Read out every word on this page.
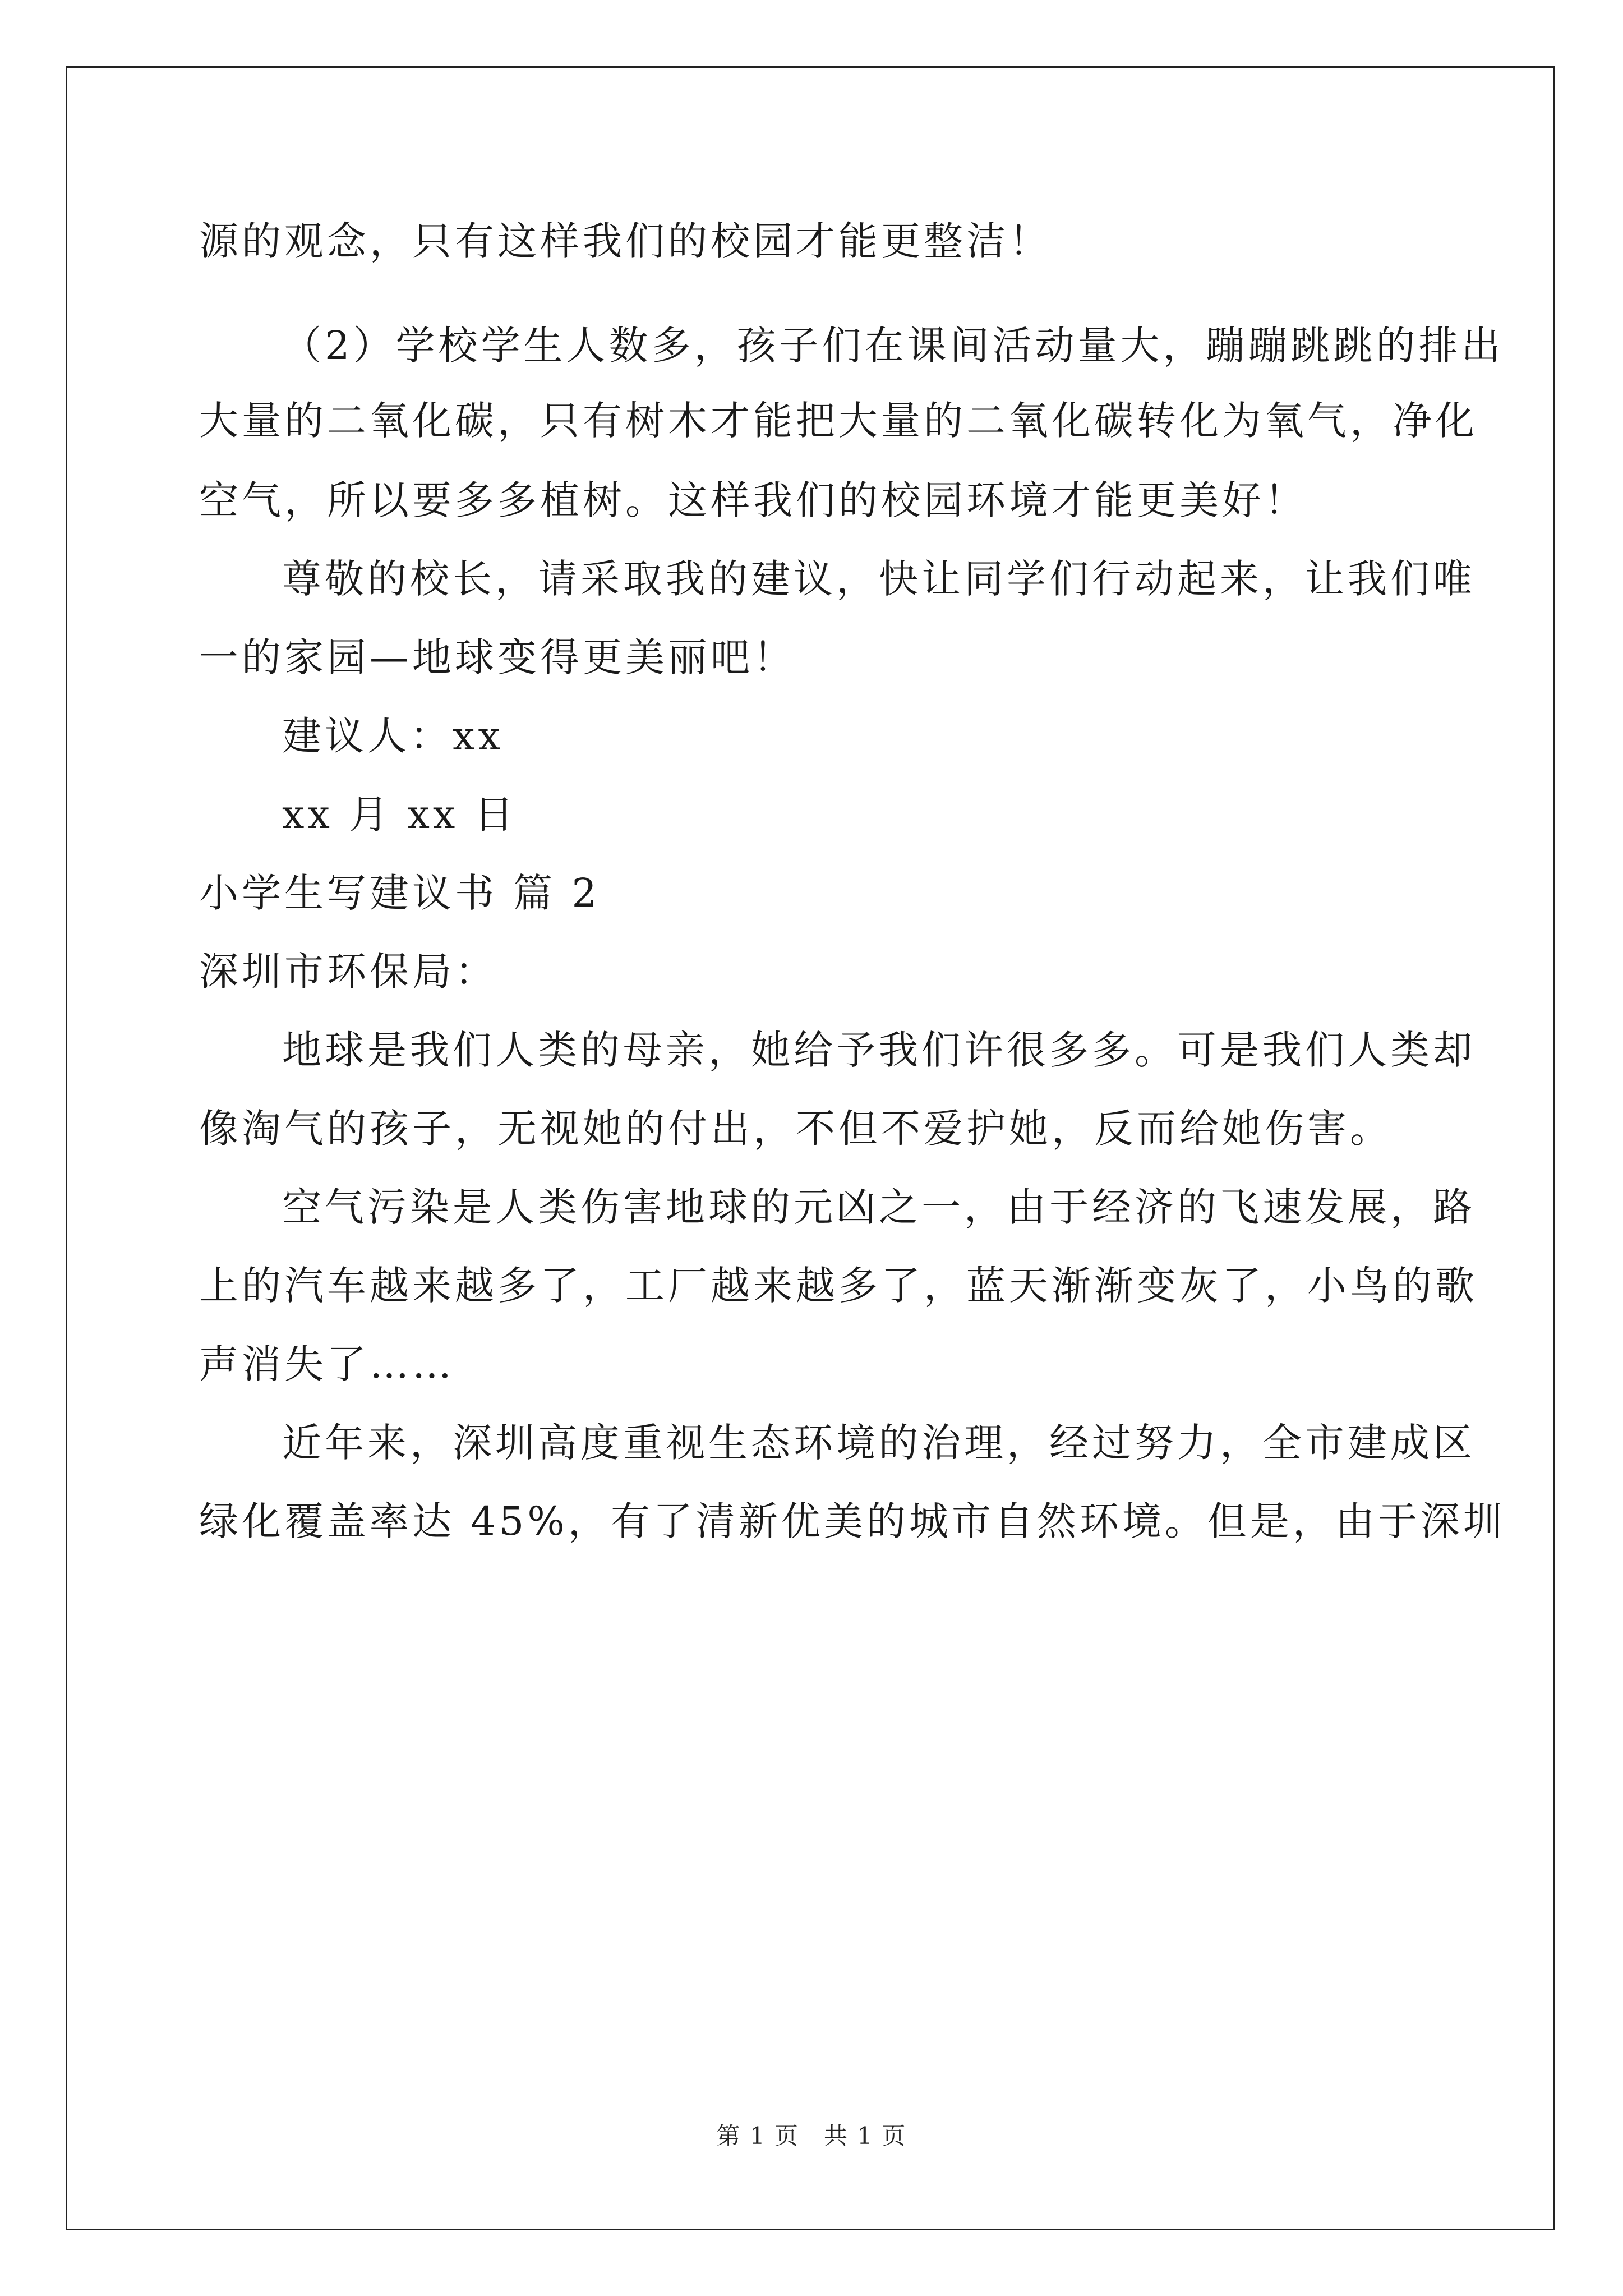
源的观念，只有这样我们的校园才能更整洁！
（2）学校学生人数多，孩子们在课间活动量大，蹦蹦跳跳的排出
大量的二氧化碳，只有树木才能把大量的二氧化碳转化为氧气，净化
空气，所以要多多植树。这样我们的校园环境才能更美好！
尊敬的校长，请采取我的建议，快让同学们行动起来，让我们唯
一的家园—地球变得更美丽吧！
建议人：xx
xx 月 xx 日
小学生写建议书 篇 2
深圳市环保局：
地球是我们人类的母亲，她给予我们许很多多。可是我们人类却
像淘气的孩子，无视她的付出，不但不爱护她，反而给她伤害。
空气污染是人类伤害地球的元凶之一，由于经济的飞速发展，路
上的汽车越来越多了，工厂越来越多了，蓝天渐渐变灰了，小鸟的歌
声消失了……
近年来，深圳高度重视生态环境的治理，经过努力，全市建成区
绿化覆盖率达 45%，有了清新优美的城市自然环境。但是，由于深圳
第 1 页　共 1 页
